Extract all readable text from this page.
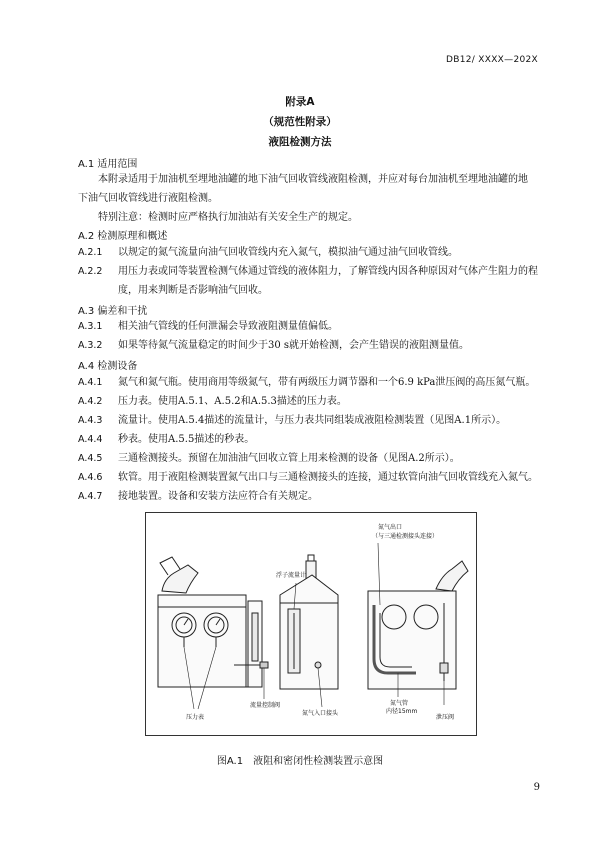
DB12/ XXXX—202X
附录A
（规范性附录）
液阻检测方法
A.1 适用范围

本附录适用于加油机至埋地油罐的地下油气回收管线液阻检测，并应对每台加油机至埋地油罐的地下油气回收管线进行液阻检测。

特别注意：检测时应严格执行加油站有关安全生产的规定。

A.2 检测原理和概述
A.2.1 以规定的氮气流量向油气回收管线内充入氮气，模拟油气通过油气回收管线。
A.2.2 用压力表或同等装置检测气体通过管线的液体阻力，了解管线内因各种原因对气体产生阻力的程度，用来判断是否影响油气回收。
A.3 偏差和干扰
A.3.1 相关油气管线的任何泄漏会导致液阻测量值偏低。
A.3.2 如果等待氮气流量稳定的时间少于30 s就开始检测，会产生错误的液阻测量值。
A.4 检测设备
A.4.1 氮气和氮气瓶。使用商用等级氮气，带有两级压力调节器和一个6.9 kPa泄压阀的高压氮气瓶。
A.4.2 压力表。使用A.5.1、A.5.2和A.5.3描述的压力表。
A.4.3 流量计。使用A.5.4描述的流量计，与压力表共同组装成液阻检测装置（见图A.1所示）。
A.4.4 秒表。使用A.5.5描述的秒表。
A.4.5 三通检测接头。预留在加油油气回收立管上用来检测的设备（见图A.2所示）。
A.4.6 软管。用于液阻检测装置氮气出口与三通检测接头的连接，通过软管向油气回收管线充入氮气。
A.4.7 接地装置。设备和安装方法应符合有关规定。
氮气出口
（与三通检测接头连接）
浮子流量计
压力表
流量控制阀
氮气入口接头
氮气管
内径15mm
泄压阀
图A.1　液阻和密闭性检测装置示意图
9
